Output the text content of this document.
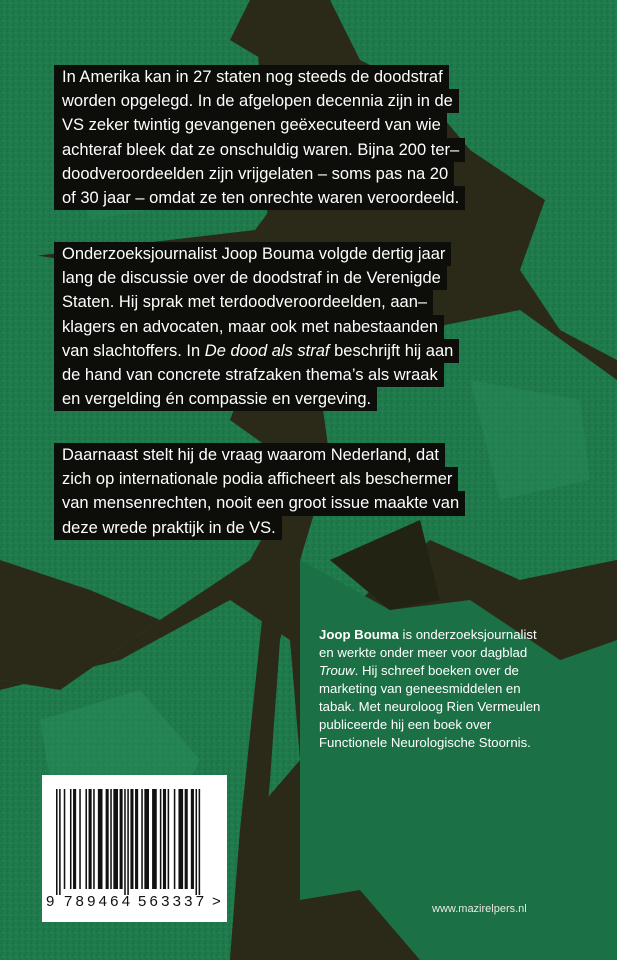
In Amerika kan in 27 staten nog steeds de doodstraf
worden opgelegd. In de afgelopen decennia zijn in de
VS zeker twintig gevangenen geëxecuteerd van wie
achteraf bleek dat ze onschuldig waren. Bijna 200 ter–
doodveroordeelden zijn vrijgelaten – soms pas na 20
of 30 jaar – omdat ze ten onrechte waren veroordeeld.

Onderzoeksjournalist Joop Bouma volgde dertig jaar
lang de discussie over de doodstraf in de Verenigde
Staten. Hij sprak met terdoodveroordeelden, aan–
klagers en advocaten, maar ook met nabestaanden
van slachtoffers. In De dood als straf beschrijft hij aan
de hand van concrete strafzaken thema’s als wraak
en vergelding én compassie en vergeving.

Daarnaast stelt hij de vraag waarom Nederland, dat
zich op internationale podia afficheert als beschermer
van mensenrechten, nooit een groot issue maakte van
deze wrede praktijk in de VS.

Joop Bouma is onderzoeksjournalist
en werkte onder meer voor dagblad
Trouw. Hij schreef boeken over de
marketing van geneesmiddelen en
tabak. Met neuroloog Rien Vermeulen
publiceerde hij een boek over
Functionele Neurologische Stoornis.
9 789464 563337 >	www.mazirelpers.nl
